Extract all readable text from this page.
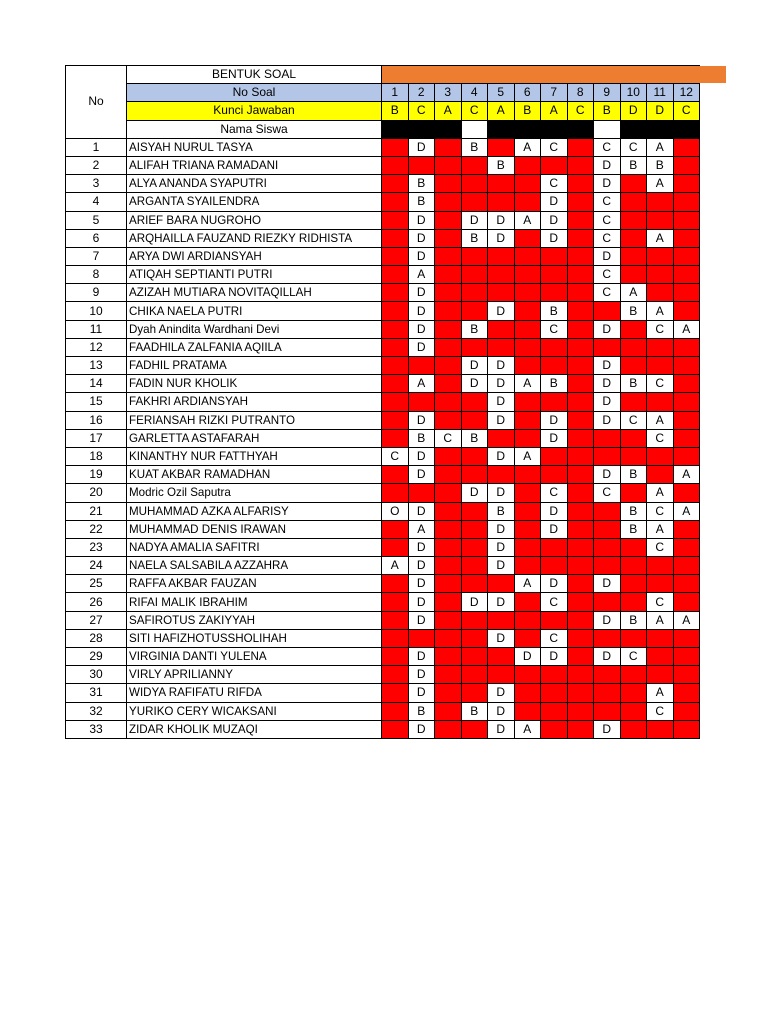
No	BENTUK SOAL												
	No Soal	1	2	3	4	5	6	7	8	9	10	11	12
	Kunci Jawaban	B	C	A	C	A	B	A	C	B	D	D	C
	Nama Siswa												
1	AISYAH NURUL TASYA	B	D	A	B	A	A	C	C	C	C	A	C
2	ALIFAH TRIANA RAMADANI	B	C	A	C	B	B	A	C	D	B	B	C
3	ALYA ANANDA SYAPUTRI	B	B	A	C	A	B	C	C	D	D	A	C
4	ARGANTA SYAILENDRA	B	B	A	C	A	B	D	C	C	D	D	C
5	ARIEF BARA NUGROHO	B	D	A	D	D	A	D	C	C	D	D	C
6	ARQHAILLA FAUZAND RIEZKY RIDHISTA	B	D	A	B	D	B	D	C	C	D	A	C
7	ARYA DWI ARDIANSYAH	B	D	A	C	A	B	A	C	D	D	D	C
8	ATIQAH SEPTIANTI PUTRI	B	A	A	C	A	B	A	C	C	D	D	C
9	AZIZAH MUTIARA NOVITAQILLAH	B	D	A	C	A	B	A	C	C	A	D	C
10	CHIKA NAELA PUTRI	B	D	A	C	D	B	B	C	B	B	A	C
11	Dyah Anindita Wardhani Devi	B	D	A	B	A	B	C	C	D	D	C	A
12	FAADHILA ZALFANIA AQIILA	B	D	A	C	A	B	A	C	B	D	D	C
13	FADHIL PRATAMA	B	C	A	D	D	B	A	C	D	D	D	C
14	FADIN NUR KHOLIK	B	A	A	D	D	A	B	C	D	B	C	C
15	FAKHRI ARDIANSYAH	B	C	A	C	D	B	A	C	D	D	D	C
16	FERIANSAH RIZKI PUTRANTO	B	D	A	C	D	B	D	C	D	C	A	C
17	GARLETTA ASTAFARAH	B	B	C	B	A	B	D	C	B	D	C	C
18	KINANTHY NUR FATTHYAH	C	D	A	C	D	A	A	C	B	D	D	C
19	KUAT AKBAR RAMADHAN	B	D	A	C	A	B	A	C	D	B	D	A
20	Modric Ozil Saputra	B	C	A	D	D	B	C	C	C	D	A	C
21	MUHAMMAD AZKA ALFARISY	O	D	A	C	B	B	D	C	B	B	C	A
22	MUHAMMAD DENIS IRAWAN	B	A	A	C	D	B	D	C	B	B	A	C
23	NADYA AMALIA SAFITRI	B	D	A	C	D	B	A	C	B	D	C	C
24	NAELA SALSABILA AZZAHRA	A	D	A	C	D	B	A	C	B	D	D	C
25	RAFFA AKBAR FAUZAN	B	D	A	C	A	A	D	C	D	D	D	C
26	RIFAI MALIK IBRAHIM	B	D	A	D	D	B	C	C	B	D	C	C
27	SAFIROTUS ZAKIYYAH	B	D	A	C	A	B	A	C	D	B	A	A
28	SITI HAFIZHOTUSSHOLIHAH	B	C	A	C	D	B	C	C	B	D	D	C
29	VIRGINIA DANTI YULENA	B	D	A	C	A	D	D	C	D	C	D	C
30	VIRLY APRILIANNY	B	D	A	C	A	B	A	C	B	D	D	C
31	WIDYA RAFIFATU RIFDA	B	D	A	C	D	B	A	C	B	D	A	C
32	YURIKO CERY WICAKSANI	B	B	A	B	D	B	A	C	B	D	C	C
33	ZIDAR KHOLIK MUZAQI	B	D	A	C	D	A	A	C	D	D	D	C
